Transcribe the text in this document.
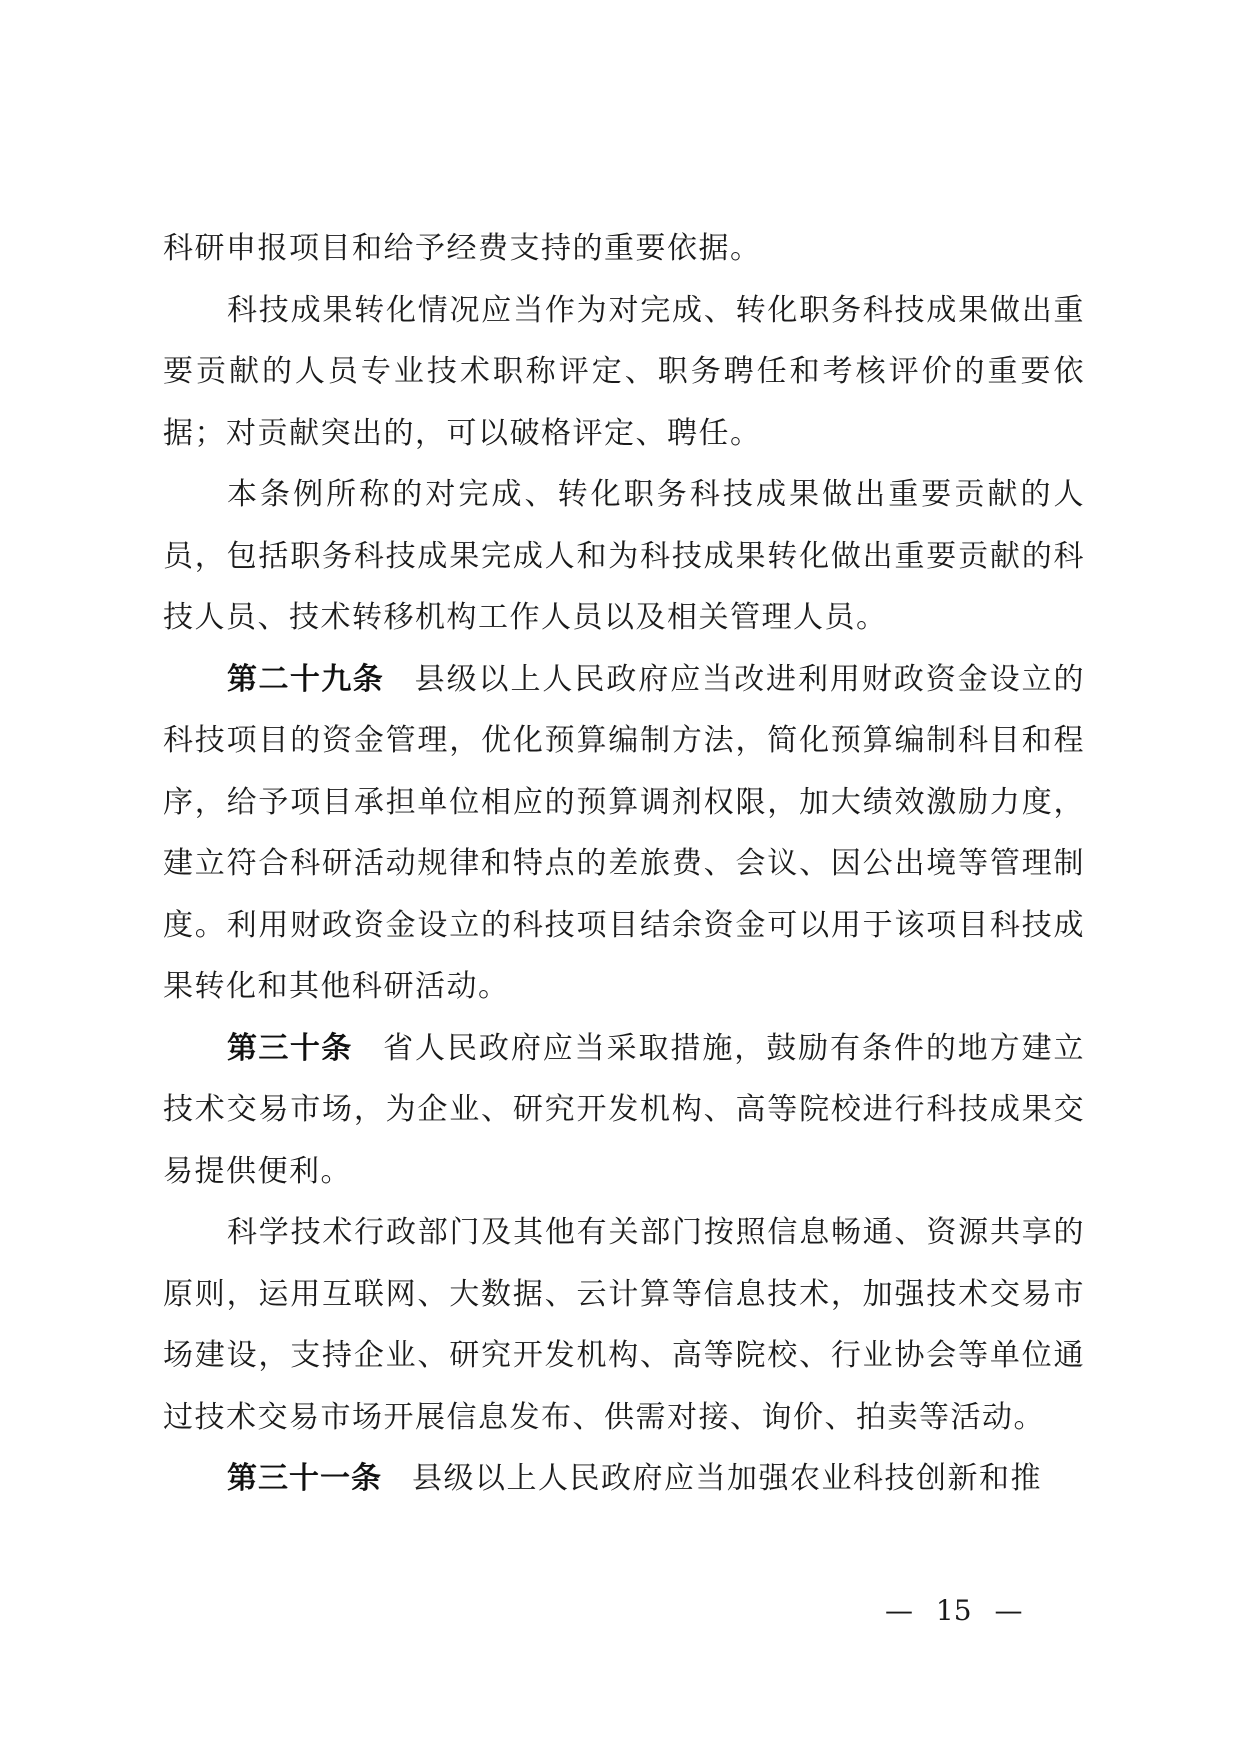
科研申报项目和给予经费支持的重要依据。

科技成果转化情况应当作为对完成、转化职务科技成果做出重要贡献的人员专业技术职称评定、职务聘任和考核评价的重要依据；对贡献突出的，可以破格评定、聘任。

本条例所称的对完成、转化职务科技成果做出重要贡献的人员，包括职务科技成果完成人和为科技成果转化做出重要贡献的科技人员、技术转移机构工作人员以及相关管理人员。

第二十九条 县级以上人民政府应当改进利用财政资金设立的科技项目的资金管理，优化预算编制方法，简化预算编制科目和程序，给予项目承担单位相应的预算调剂权限，加大绩效激励力度，建立符合科研活动规律和特点的差旅费、会议、因公出境等管理制度。利用财政资金设立的科技项目结余资金可以用于该项目科技成果转化和其他科研活动。

第三十条 省人民政府应当采取措施，鼓励有条件的地方建立技术交易市场，为企业、研究开发机构、高等院校进行科技成果交易提供便利。

科学技术行政部门及其他有关部门按照信息畅通、资源共享的原则，运用互联网、大数据、云计算等信息技术，加强技术交易市场建设，支持企业、研究开发机构、高等院校、行业协会等单位通过技术交易市场开展信息发布、供需对接、询价、拍卖等活动。

第三十一条 县级以上人民政府应当加强农业科技创新和推

— 15 —
